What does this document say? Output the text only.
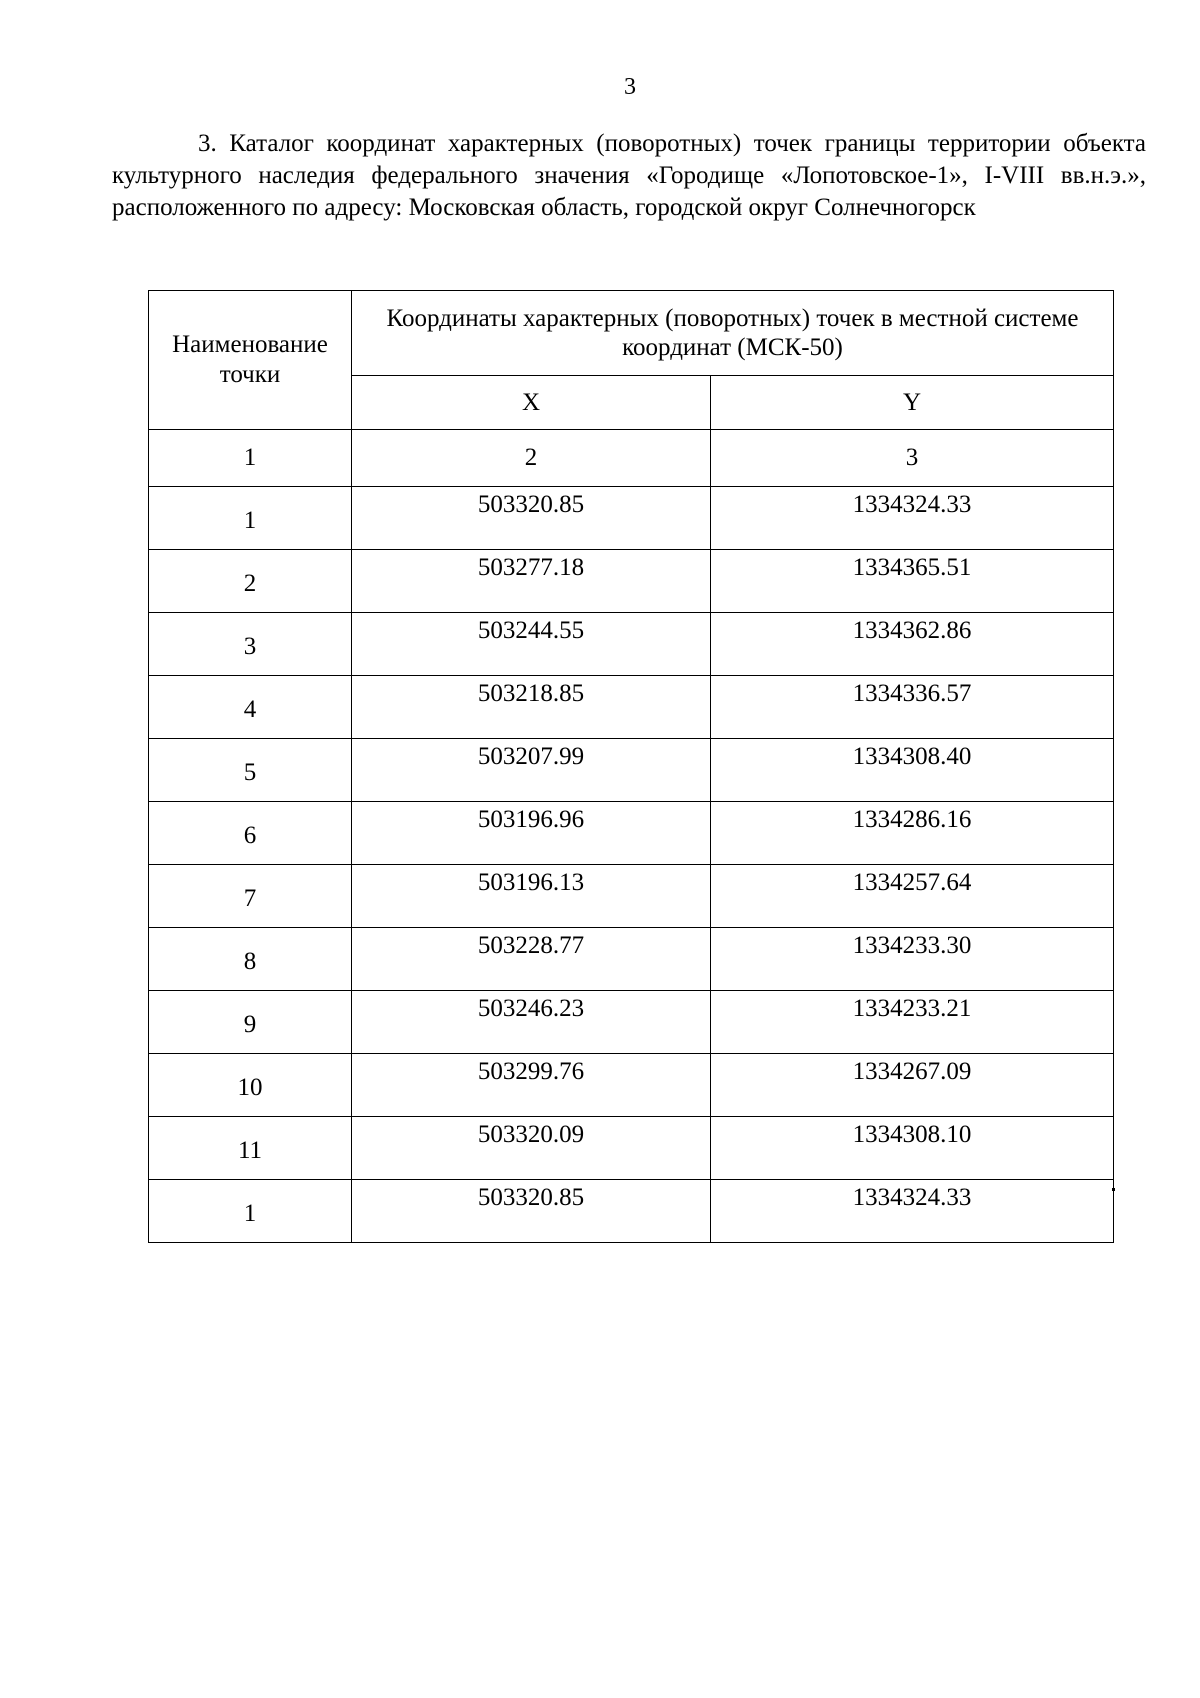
3

3. Каталог координат характерных (поворотных) точек границы территории объекта культурного наследия федерального значения «Городище «Лопотовское-1», I-VIII вв.н.э.», расположенного по адресу: Московская область, городской округ Солнечногорск

Наименование точки	Координаты характерных (поворотных) точек в местной системе координат (МСК-50)	
	X	Y
1	2	3
1	503320.85	1334324.33
2	503277.18	1334365.51
3	503244.55	1334362.86
4	503218.85	1334336.57
5	503207.99	1334308.40
6	503196.96	1334286.16
7	503196.13	1334257.64
8	503228.77	1334233.30
9	503246.23	1334233.21
10	503299.76	1334267.09
11	503320.09	1334308.10
1	503320.85	1334324.33
